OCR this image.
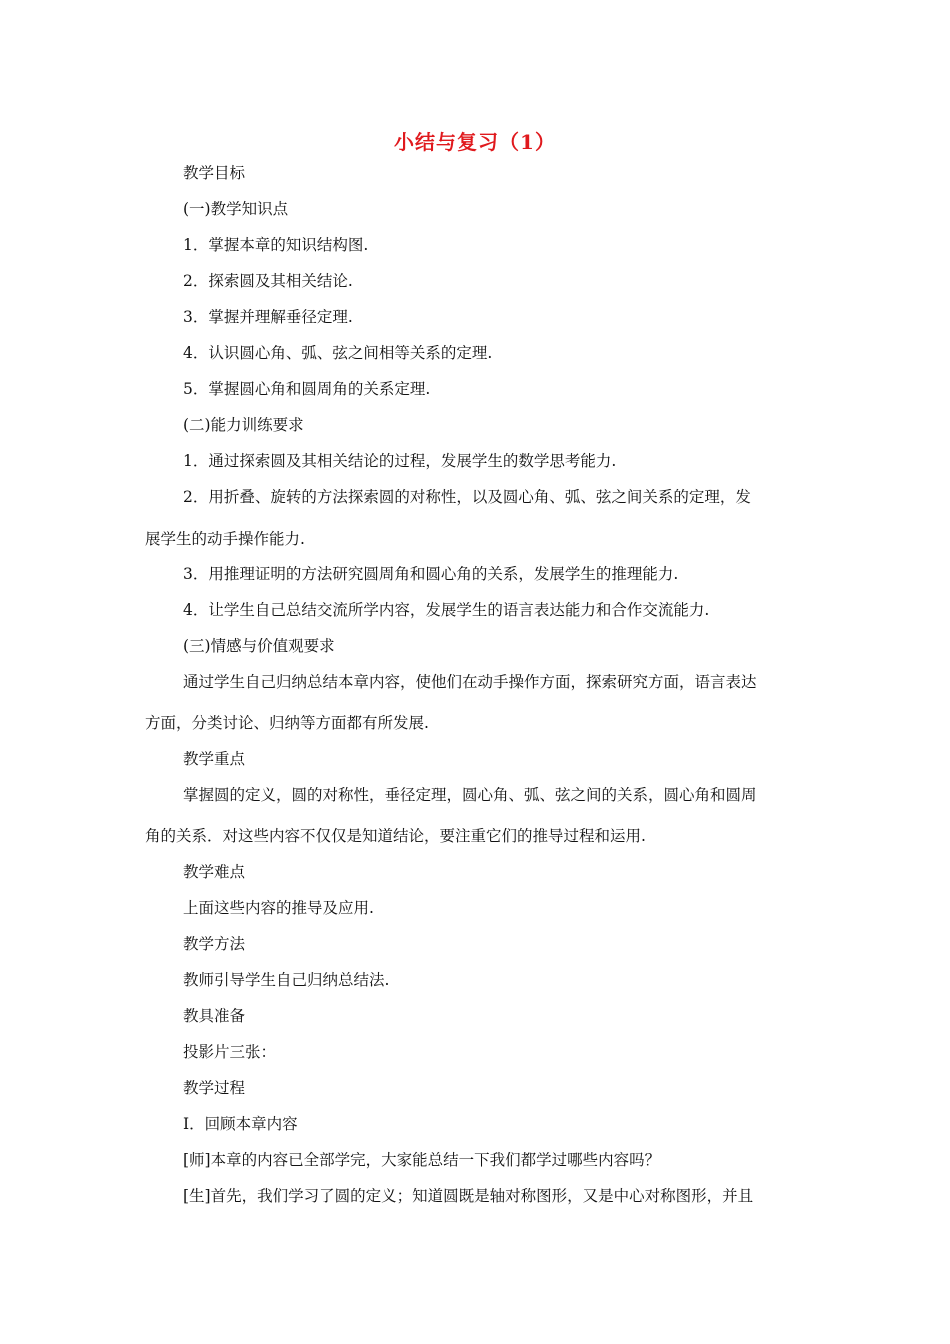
小结与复习（1）
教学目标
(一)教学知识点
1．掌握本章的知识结构图.
2．探索圆及其相关结论.
3．掌握并理解垂径定理.
4．认识圆心角、弧、弦之间相等关系的定理.
5．掌握圆心角和圆周角的关系定理.
(二)能力训练要求
1．通过探索圆及其相关结论的过程，发展学生的数学思考能力.
2．用折叠、旋转的方法探索圆的对称性，以及圆心角、弧、弦之间关系的定理，发
展学生的动手操作能力.
3．用推理证明的方法研究圆周角和圆心角的关系，发展学生的推理能力.
4．让学生自己总结交流所学内容，发展学生的语言表达能力和合作交流能力.
(三)情感与价值观要求
通过学生自己归纳总结本章内容，使他们在动手操作方面，探索研究方面，语言表达
方面，分类讨论、归纳等方面都有所发展.
教学重点
掌握圆的定义，圆的对称性，垂径定理，圆心角、弧、弦之间的关系，圆心角和圆周
角的关系．对这些内容不仅仅是知道结论，要注重它们的推导过程和运用.
教学难点
上面这些内容的推导及应用.
教学方法
教师引导学生自己归纳总结法.
教具准备
投影片三张：
教学过程
Ⅰ．回顾本章内容
[师]本章的内容已全部学完，大家能总结一下我们都学过哪些内容吗？
[生]首先，我们学习了圆的定义；知道圆既是轴对称图形，又是中心对称图形，并且
